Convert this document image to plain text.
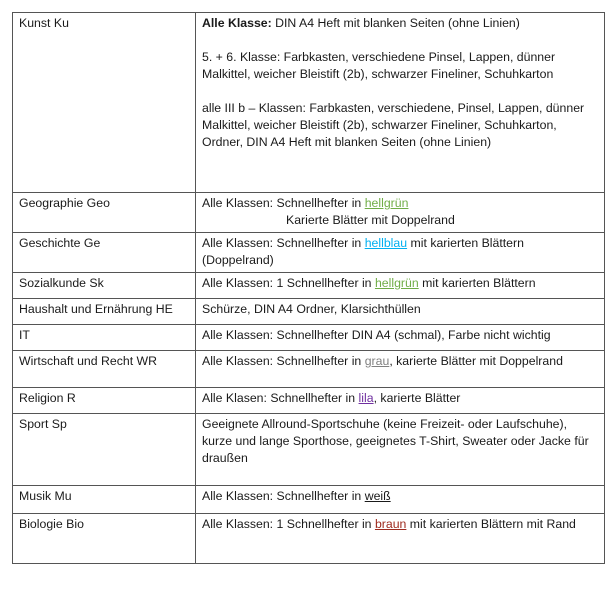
Kunst Ku	Alle Klasse: DIN A4 Heft mit blanken Seiten (ohne Linien)

5. + 6. Klasse: Farbkasten, verschiedene Pinsel, Lappen, dünner Malkittel, weicher Bleistift (2b), schwarzer Fineliner, Schuhkarton

alle III b – Klassen: Farbkasten, verschiedene, Pinsel, Lappen, dünner Malkittel, weicher Bleistift (2b), schwarzer Fineliner, Schuhkarton, Ordner, DIN A4 Heft mit blanken Seiten (ohne Linien)

Geographie Geo	Alle Klassen: Schnellhefter in hellgrün

Karierte Blätter mit Doppelrand

Geschichte Ge	Alle Klassen: Schnellhefter in hellblau mit karierten Blättern (Doppelrand)

Sozialkunde Sk	Alle Klassen: 1 Schnellhefter in hellgrün mit karierten Blättern

Haushalt und Ernährung HE	Schürze, DIN A4 Ordner, Klarsichthüllen
IT	Alle Klassen: Schnellhefter DIN A4 (schmal), Farbe nicht wichtig
Wirtschaft und Recht WR	Alle Klassen: Schnellhefter in grau, karierte Blätter mit Doppelrand

Religion R	Alle Klasen: Schnellhefter in lila, karierte Blätter

Sport Sp	Geeignete Allround-Sportschuhe (keine Freizeit- oder Laufschuhe), kurze und lange Sporthose, geeignetes T-Shirt, Sweater oder Jacke für draußen
Musik Mu	Alle Klassen: Schnellhefter in weiß

Biologie Bio	Alle Klassen: 1 Schnellhefter in braun mit karierten Blättern mit Rand
